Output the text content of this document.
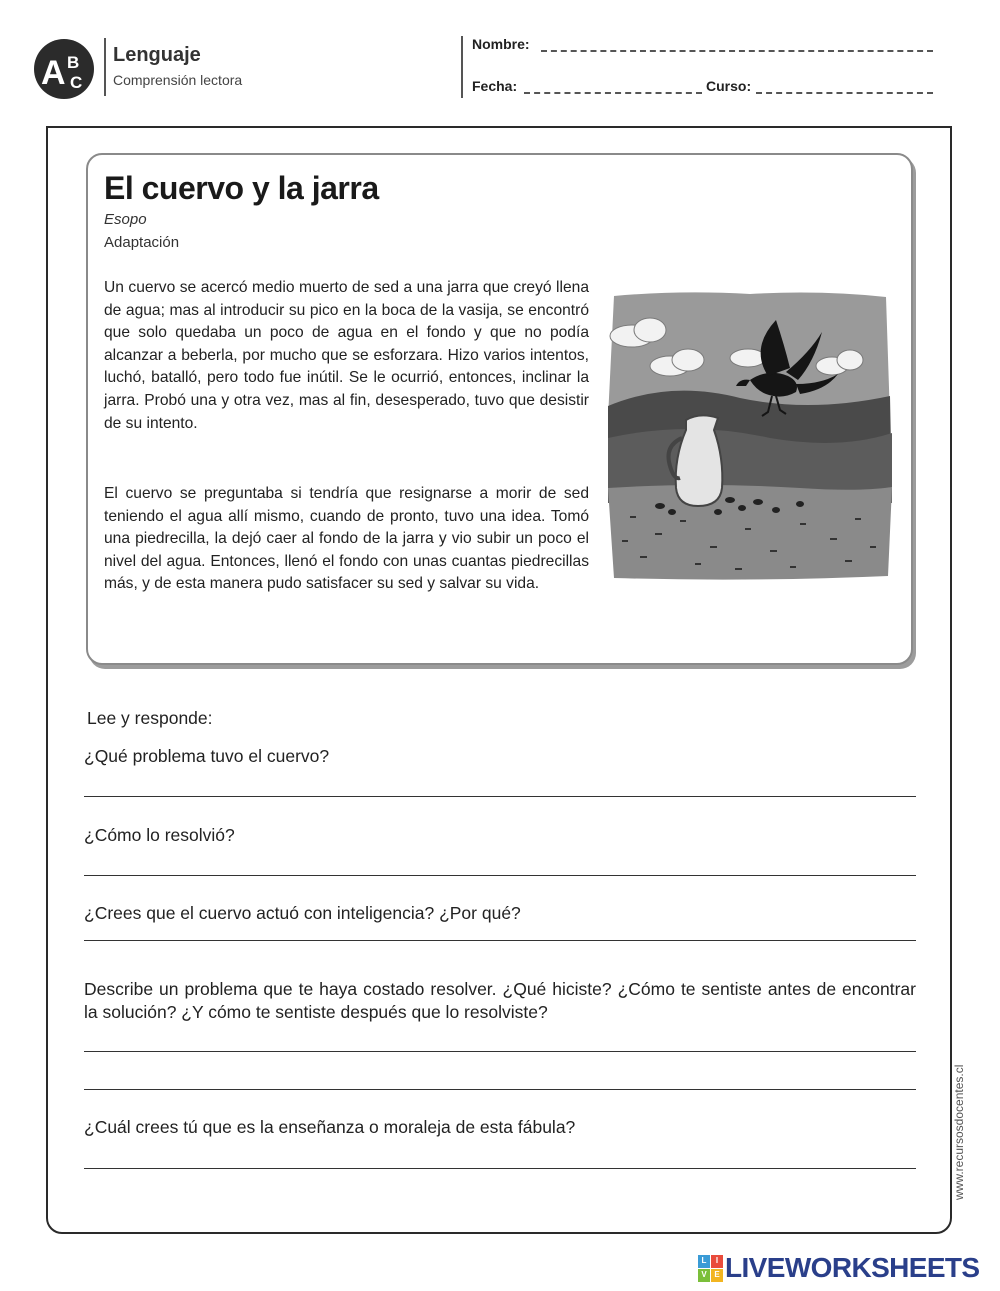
A B
C
Lenguaje
Comprensión lectora
Nombre:
Fecha:	Curso:
El cuervo y la jarra
Esopo
Adaptación
Un cuervo se acercó medio muerto de sed a una jarra que creyó llena de agua; mas al introducir su pico en la boca de la vasija, se encontró que solo quedaba un poco de agua en el fondo y que no podía alcanzar a beberla, por mucho que se esforzara. Hizo varios intentos, luchó, batalló, pero todo fue inútil. Se le ocurrió, entonces, inclinar la jarra. Probó una y otra vez, mas al fin, desesperado, tuvo que desistir de su intento.
El cuervo se preguntaba si tendría que resignarse a morir de sed teniendo el agua allí mismo, cuando de pronto, tuvo una idea. Tomó una piedrecilla, la dejó caer al fondo de la jarra y vio subir un poco el nivel del agua. Entonces, llenó el fondo con unas cuantas piedrecillas más, y de esta manera pudo satisfacer su sed y salvar su vida.
Lee y responde:
¿Qué problema tuvo el cuervo?
¿Cómo lo resolvió?
¿Crees que el cuervo actuó con inteligencia? ¿Por qué?
Describe un problema que te haya costado resolver. ¿Qué hiciste? ¿Cómo te sentiste antes de encontrar la solución? ¿Y cómo te sentiste después que lo resolviste?
¿Cuál crees tú que es la enseñanza o moraleja de esta fábula?	www.recursosdocentes.cl
L	I
V E LIVEWORKSHEETS
